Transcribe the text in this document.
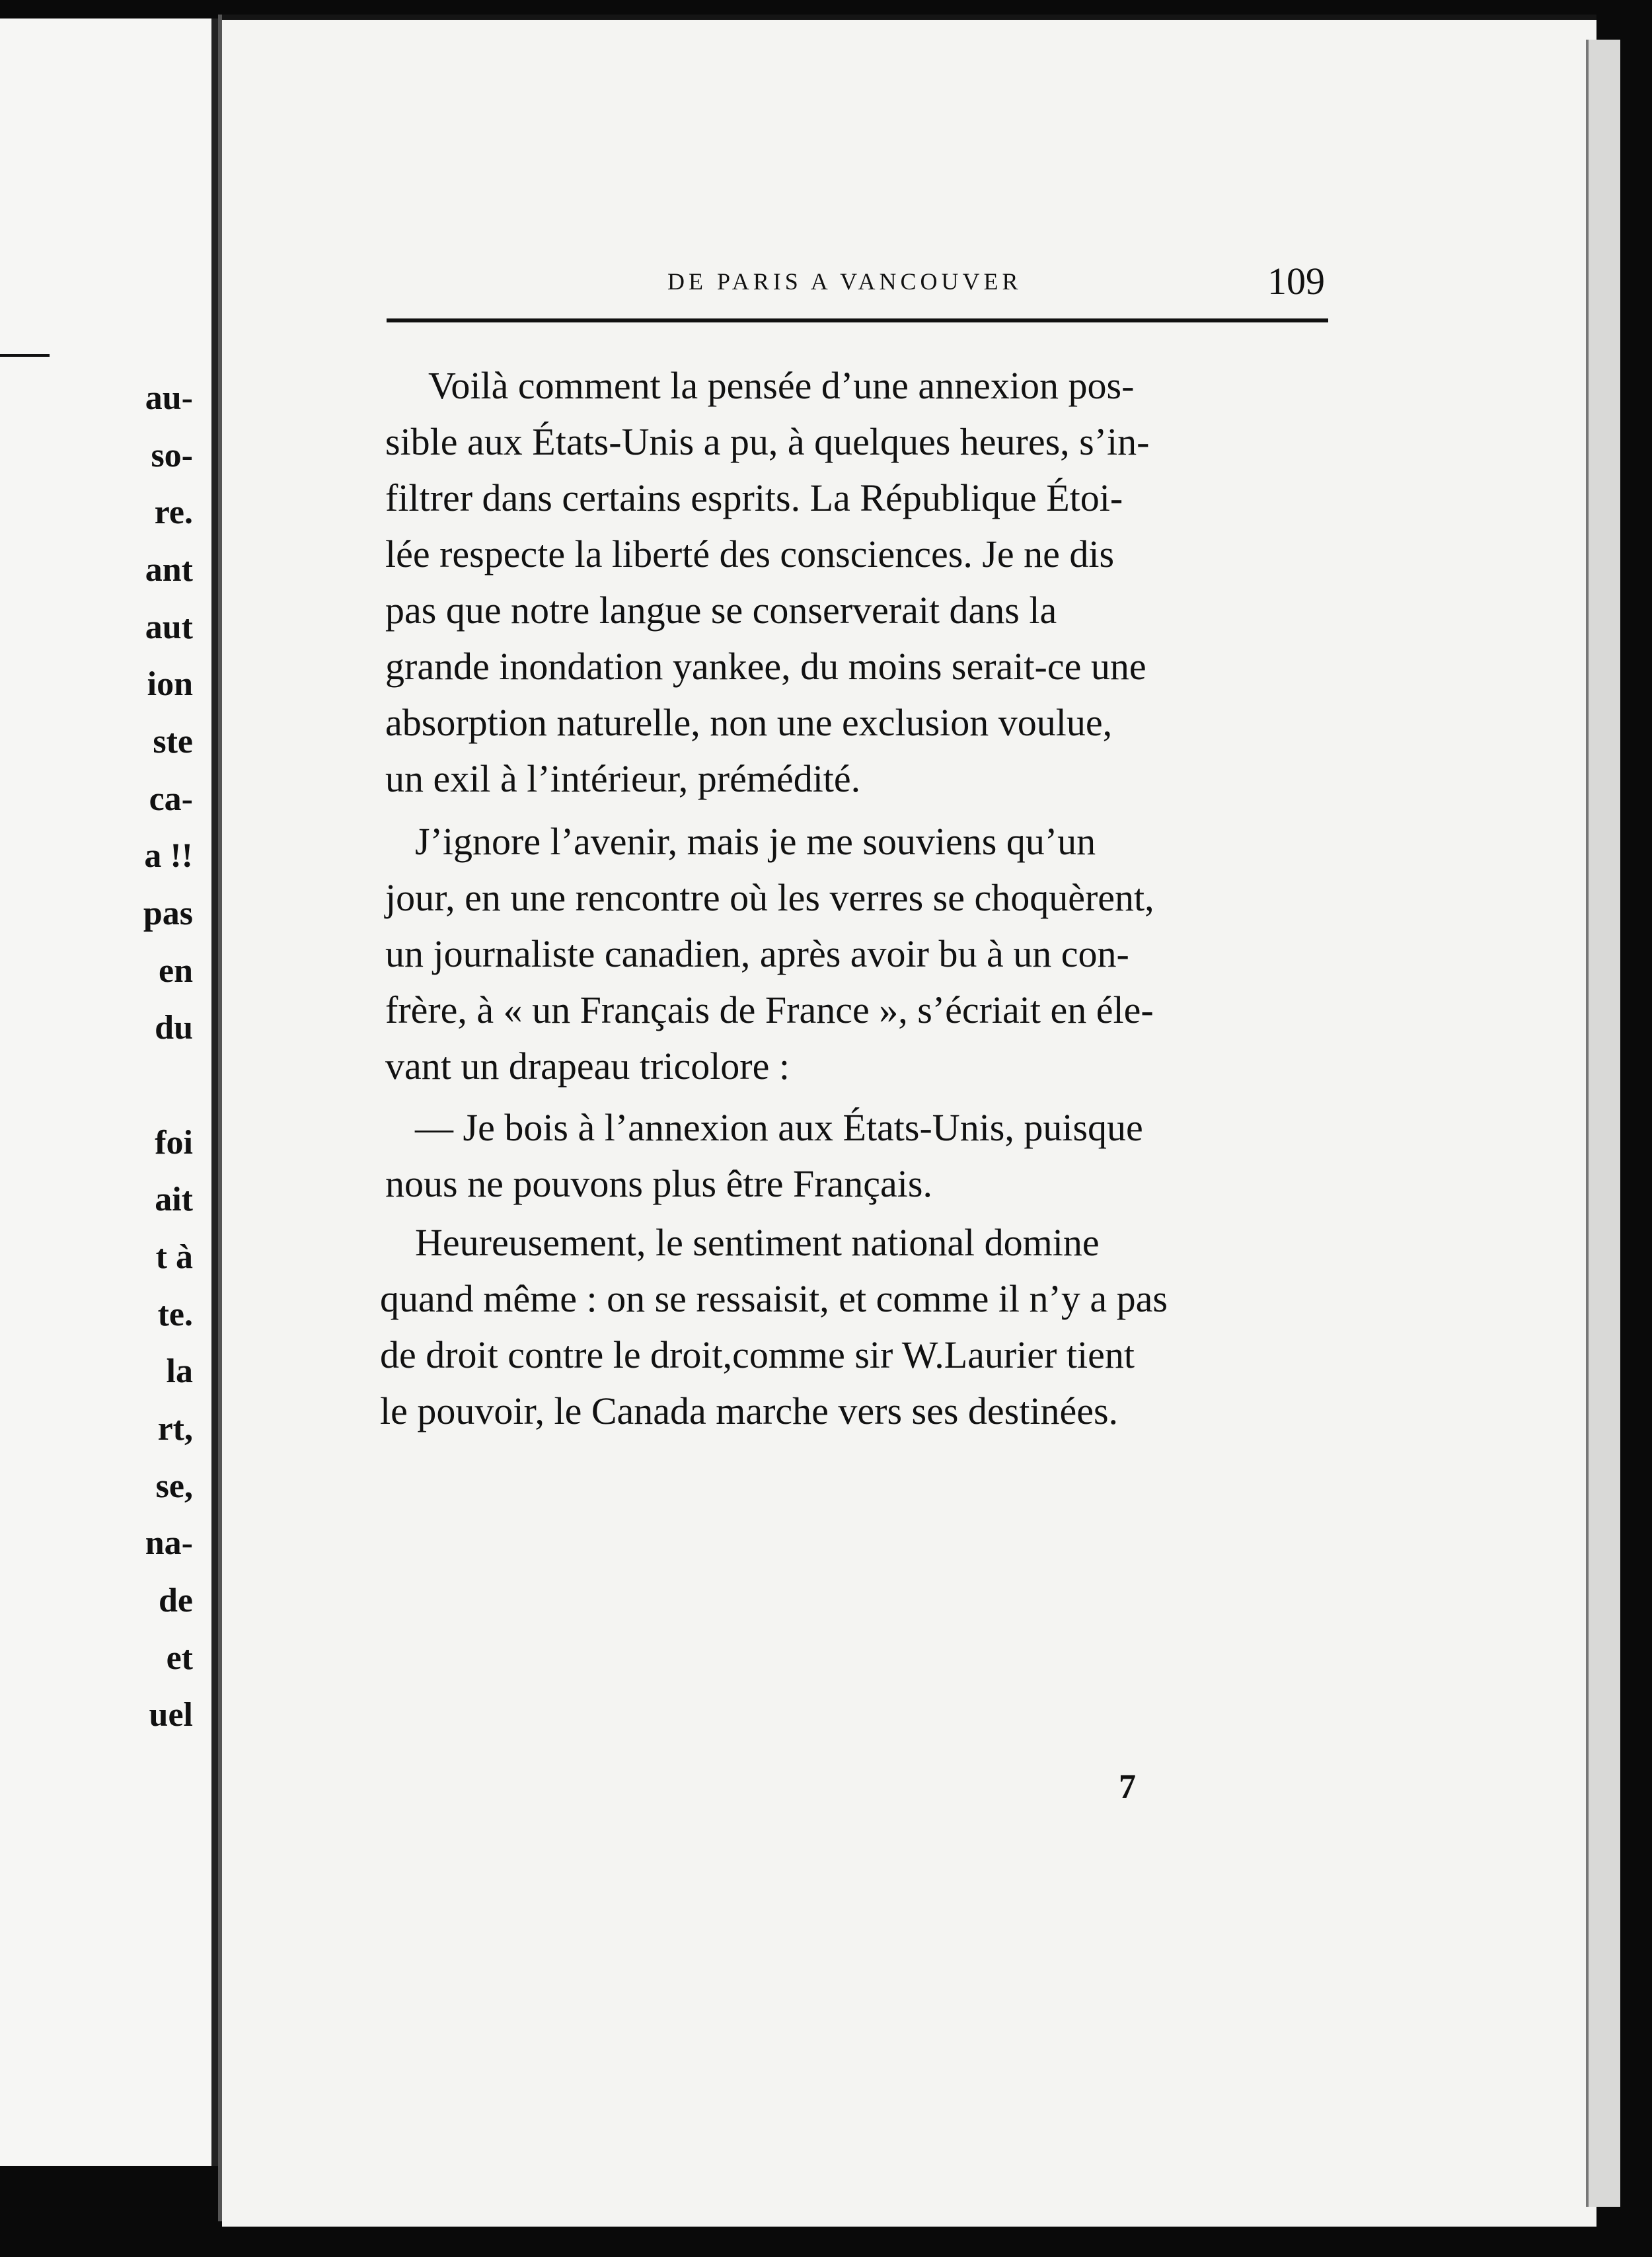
au-
so-
re.
ant
aut
ion
ste
ca-
a !!
pas
en
du
foi
ait
t à
te.
la
rt,
se,
na-
de
et
uel
DE PARIS A VANCOUVER	109
Voilà comment la pensée d’une annexion pos-
sible aux États-Unis a pu, à quelques heures, s’in-
filtrer dans certains esprits. La République Étoi-
lée respecte la liberté des consciences. Je ne dis
pas que notre langue se conserverait dans la
grande inondation yankee, du moins serait-ce une
absorption naturelle, non une exclusion voulue,
un exil à l’intérieur, prémédité.
J’ignore l’avenir, mais je me souviens qu’un
jour, en une rencontre où les verres se choquèrent,
un journaliste canadien, après avoir bu à un con-
frère, à « un Français de France », s’écriait en éle-
vant un drapeau tricolore :
— Je bois à l’annexion aux États-Unis, puisque
nous ne pouvons plus être Français.
Heureusement, le sentiment national domine
quand même : on se ressaisit, et comme il n’y a pas
de droit contre le droit,comme sir W.Laurier tient
le pouvoir, le Canada marche vers ses destinées.
7
